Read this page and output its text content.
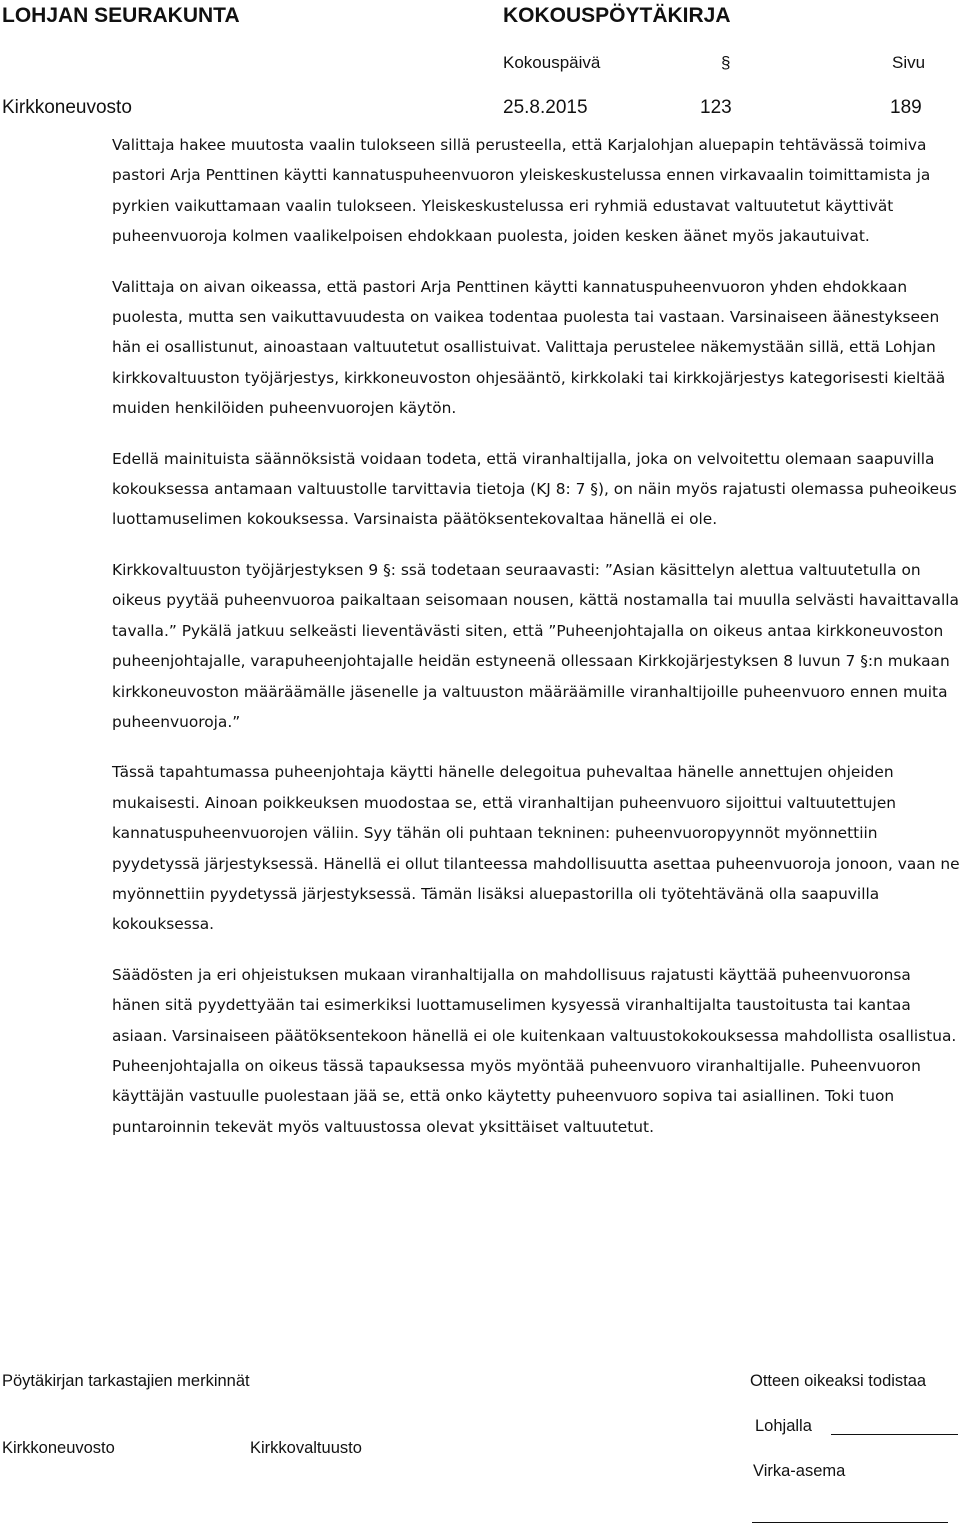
LOHJAN SEURAKUNTA	KOKOUSPÖYTÄKIRJA
Kokouspäivä	§	Sivu
Kirkkoneuvosto	25.8.2015	123	189

Valittaja hakee muutosta vaalin tulokseen sillä perusteella, että Karjalohjan aluepapin tehtävässä toimiva pastori Arja Penttinen käytti kannatuspuheenvuoron yleiskeskustelussa ennen virkavaalin toimittamista ja pyrkien vaikuttamaan vaalin tulokseen. Yleiskeskustelussa eri ryhmiä edustavat valtuutetut käyttivät puheenvuoroja kolmen vaalikelpoisen ehdokkaan puolesta, joiden kesken äänet myös jakautuivat.

Valittaja on aivan oikeassa, että pastori Arja Penttinen käytti kannatuspuheenvuoron yhden ehdokkaan puolesta, mutta sen vaikuttavuudesta on vaikea todentaa puolesta tai vastaan. Varsinaiseen äänestykseen hän ei osallistunut, ainoastaan valtuutetut osallistuivat. Valittaja perustelee näkemystään sillä, että Lohjan kirkkovaltuuston työjärjestys, kirkkoneuvoston ohjesääntö, kirkkolaki tai kirkkojärjestys kategorisesti kieltää muiden henkilöiden puheenvuorojen käytön.

Edellä mainituista säännöksistä voidaan todeta, että viranhaltijalla, joka on velvoitettu olemaan saapuvilla kokouksessa antamaan valtuustolle tarvittavia tietoja (KJ 8: 7 §), on näin myös rajatusti olemassa puheoikeus luottamuselimen kokouksessa. Varsinaista päätöksentekovaltaa hänellä ei ole.

Kirkkovaltuuston työjärjestyksen 9 §: ssä todetaan seuraavasti: ”Asian käsittelyn alettua valtuutetulla on oikeus pyytää puheenvuoroa paikaltaan seisomaan nousen, kättä nostamalla tai muulla selvästi havaittavalla tavalla.” Pykälä jatkuu selkeästi lieventävästi siten, että ”Puheenjohtajalla on oikeus antaa kirkkoneuvoston puheenjohtajalle, varapuheenjohtajalle heidän estyneenä ollessaan Kirkkojärjestyksen 8 luvun 7 §:n mukaan kirkkoneuvoston määräämälle jäsenelle ja valtuuston määräämille viranhaltijoille puheenvuoro ennen muita puheenvuoroja.”

Tässä tapahtumassa puheenjohtaja käytti hänelle delegoitua puhevaltaa hänelle annettujen ohjeiden mukaisesti. Ainoan poikkeuksen muodostaa se, että viranhaltijan puheenvuoro sijoittui valtuutettujen kannatuspuheenvuorojen väliin. Syy tähän oli puhtaan tekninen: puheenvuoropyynnöt myönnettiin pyydetyssä järjestyksessä. Hänellä ei ollut tilanteessa mahdollisuutta asettaa puheenvuoroja jonoon, vaan ne myönnettiin pyydetyssä järjestyksessä. Tämän lisäksi aluepastorilla oli työtehtävänä olla saapuvilla kokouksessa.

Säädösten ja eri ohjeistuksen mukaan viranhaltijalla on mahdollisuus rajatusti käyttää puheenvuoronsa hänen sitä pyydettyään tai esimerkiksi luottamuselimen kysyessä viranhaltijalta taustoitusta tai kantaa asiaan. Varsinaiseen päätöksentekoon hänellä ei ole kuitenkaan valtuustokokouksessa mahdollista osallistua. Puheenjohtajalla on oikeus tässä tapauksessa myös myöntää puheenvuoro viranhaltijalle. Puheenvuoron käyttäjän vastuulle puolestaan jää se, että onko käytetty puheenvuoro sopiva tai asiallinen. Toki tuon puntaroinnin tekevät myös valtuustossa olevat yksittäiset valtuutetut.

Pöytäkirjan tarkastajien merkinnät	Otteen oikeaksi todistaa
Lohjalla
Kirkkoneuvosto	Kirkkovaltuusto
Virka-asema
